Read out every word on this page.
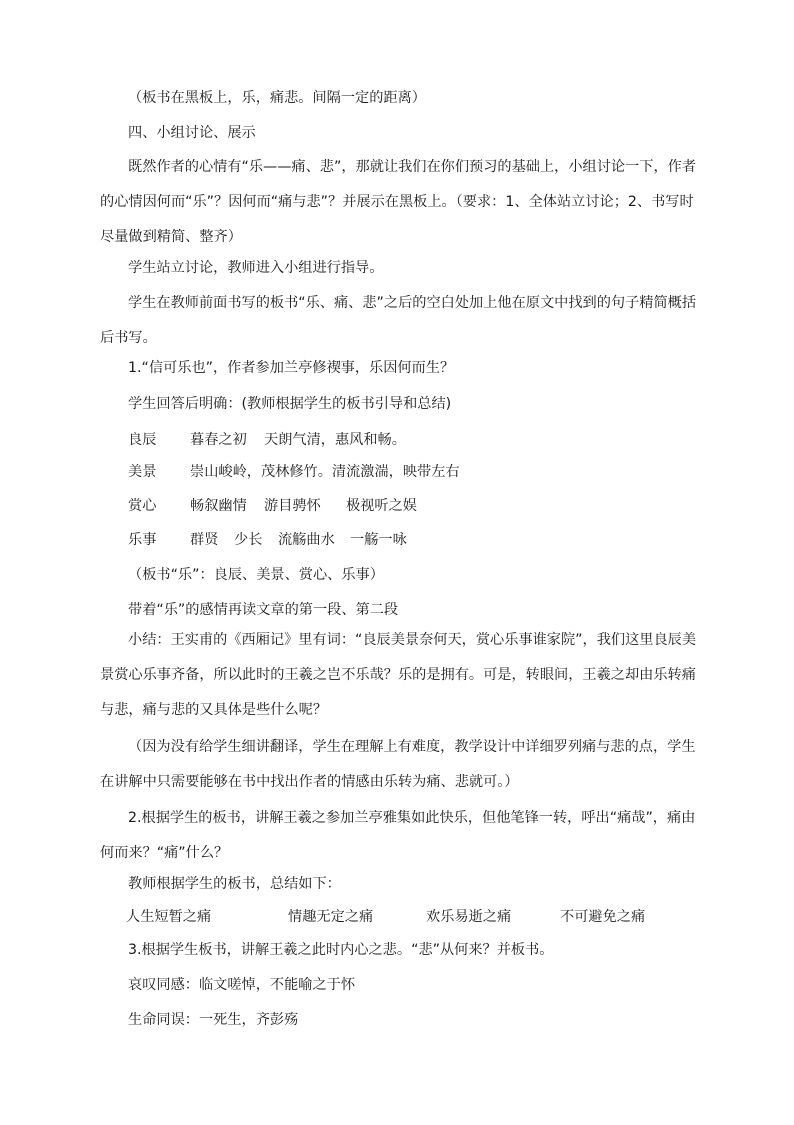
（板书在黑板上，乐，痛悲。间隔一定的距离）
四、小组讨论、展示

既然作者的心情有“乐——痛、悲”，那就让我们在你们预习的基础上，小组讨论一下，作者的心情因何而“乐”？因何而“痛与悲”？并展示在黑板上。（要求：1、全体站立讨论；2、书写时尽量做到精简、整齐）

学生站立讨论，教师进入小组进行指导。

学生在教师前面书写的板书“乐、痛、悲”之后的空白处加上他在原文中找到的句子精简概括后书写。

1.“信可乐也”，作者参加兰亭修禊事，乐因何而生？
学生回答后明确：(教师根据学生的板书引导和总结)
良辰 暮春之初 天朗气清，惠风和畅。
美景 崇山峻岭，茂林修竹。清流激湍，映带左右
赏心 畅叙幽情 游目骋怀 极视听之娱
乐事 群贤 少长 流觞曲水 一觞一咏
（板书“乐”：良辰、美景、赏心、乐事）
带着“乐”的感情再读文章的第一段、第二段

小结：王实甫的《西厢记》里有词：“良辰美景奈何天，赏心乐事谁家院”，我们这里良辰美景赏心乐事齐备，所以此时的王羲之岂不乐哉？乐的是拥有。可是，转眼间，王羲之却由乐转痛与悲，痛与悲的又具体是些什么呢？

（因为没有给学生细讲翻译，学生在理解上有难度，教学设计中详细罗列痛与悲的点，学生在讲解中只需要能够在书中找出作者的情感由乐转为痛、悲就可。）

2.根据学生的板书，讲解王羲之参加兰亭雅集如此快乐，但他笔锋一转，呼出“痛哉”，痛由何而来？“痛”什么？

教师根据学生的板书，总结如下：
人生短暂之痛	情趣无定之痛	欢乐易逝之痛	不可避免之痛
3.根据学生板书，讲解王羲之此时内心之悲。“悲”从何来？并板书。
哀叹同感：临文嗟悼，不能喻之于怀
生命同误：一死生，齐彭殇
